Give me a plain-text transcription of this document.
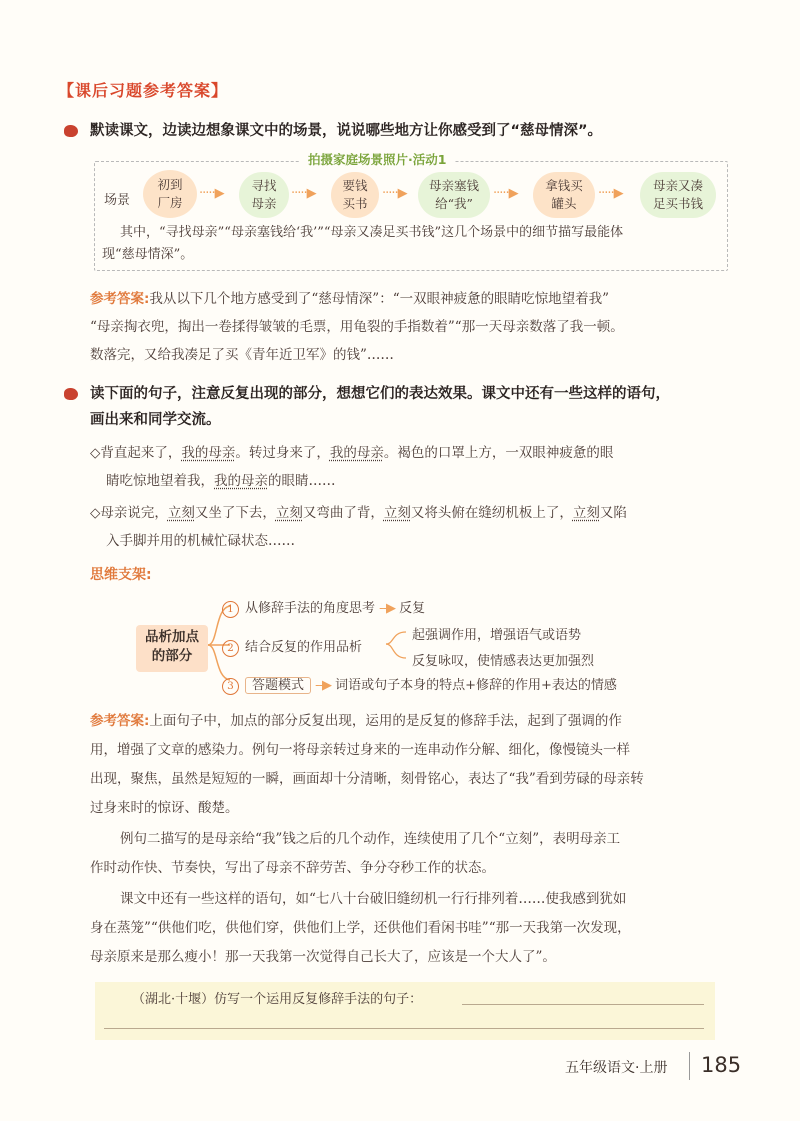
【课后习题参考答案】
默读课文，边读边想象课文中的场景，说说哪些地方让你感受到了“慈母情深”。
拍摄家庭场景照片·活动1
场景
初到
厂房
·····▶
寻找
母亲
·····▶
要钱
买书
·····▶
母亲塞钱
给“我”
·····▶
拿钱买
罐头
·····▶
母亲又凑
足买书钱
其中，“寻找母亲”“母亲塞钱给‘我’”“母亲又凑足买书钱”这几个场景中的细节描写最能体
现“慈母情深”。
参考答案:我从以下几个地方感受到了“慈母情深”：“一双眼神疲惫的眼睛吃惊地望着我”
“母亲掏衣兜，掏出一卷揉得皱皱的毛票，用龟裂的手指数着”“那一天母亲数落了我一顿。
数落完，又给我凑足了买《青年近卫军》的钱”……
读下面的句子，注意反复出现的部分，想想它们的表达效果。课文中还有一些这样的语句，
画出来和同学交流。
◇背直起来了，我的母亲。转过身来了，我的母亲。褐色的口罩上方，一双眼神疲惫的眼
睛吃惊地望着我，我的母亲的眼睛……
◇母亲说完，立刻又坐了下去，立刻又弯曲了背，立刻又将头俯在缝纫机板上了，立刻又陷
入手脚并用的机械忙碌状态……
思维支架:
品析加点
的部分
1 从修辞手法的角度思考 --▶ 反复
2 结合反复的作用品析
起强调作用，增强语气或语势
反复咏叹，使情感表达更加强烈
3 答题模式 --▶ 词语或句子本身的特点+修辞的作用+表达的情感
参考答案:上面句子中，加点的部分反复出现，运用的是反复的修辞手法，起到了强调的作
用，增强了文章的感染力。例句一将母亲转过身来的一连串动作分解、细化，像慢镜头一样
出现，聚焦，虽然是短短的一瞬，画面却十分清晰，刻骨铭心，表达了“我”看到劳碌的母亲转
过身来时的惊讶、酸楚。
例句二描写的是母亲给“我”钱之后的几个动作，连续使用了几个“立刻”，表明母亲工
作时动作快、节奏快，写出了母亲不辞劳苦、争分夺秒工作的状态。
课文中还有一些这样的语句，如“七八十台破旧缝纫机一行行排列着……使我感到犹如
身在蒸笼”“供他们吃，供他们穿，供他们上学，还供他们看闲书哇”“那一天我第一次发现，
母亲原来是那么瘦小！那一天我第一次觉得自己长大了，应该是一个大人了”。
（湖北·十堰）仿写一个运用反复修辞手法的句子：
五年级语文·上册 185
